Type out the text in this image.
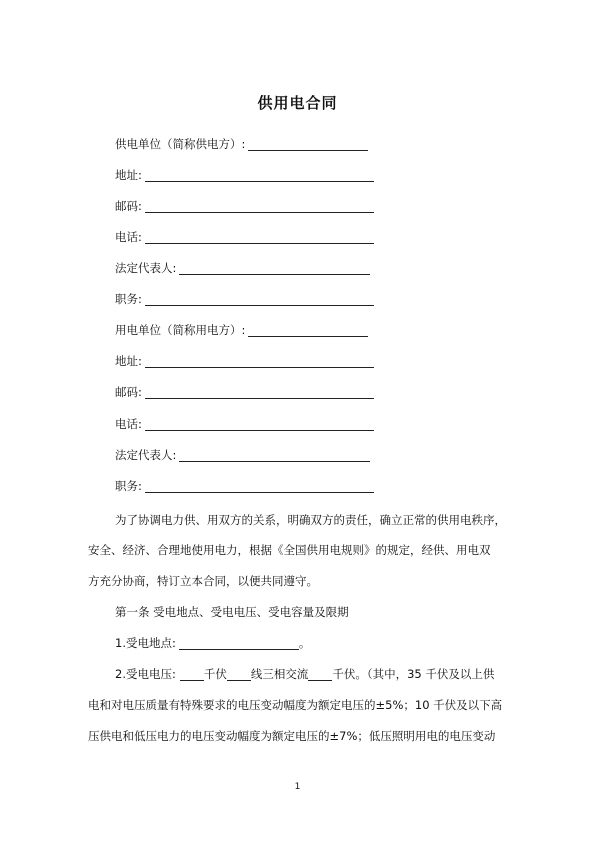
供用电合同
供电单位（简称供电方）:
地址:
邮码:
电话:
法定代表人:
职务:
用电单位（简称用电方）:
地址:
邮码:
电话:
法定代表人:
职务:
为了协调电力供、用双方的关系，明确双方的责任，确立正常的供用电秩序，
安全、经济、合理地使用电力，根据《全国供用电规则》的规定，经供、用电双
方充分协商，特订立本合同，以便共同遵守。
第一条 受电地点、受电电压、受电容量及限期
1.受电地点:	。
2.受电电压: 千伏 线三相交流 千伏。（其中，35 千伏及以上供
电和对电压质量有特殊要求的电压变动幅度为额定电压的±5%；10 千伏及以下高
压供电和低压电力的电压变动幅度为额定电压的±7%；低压照明用电的电压变动
1
